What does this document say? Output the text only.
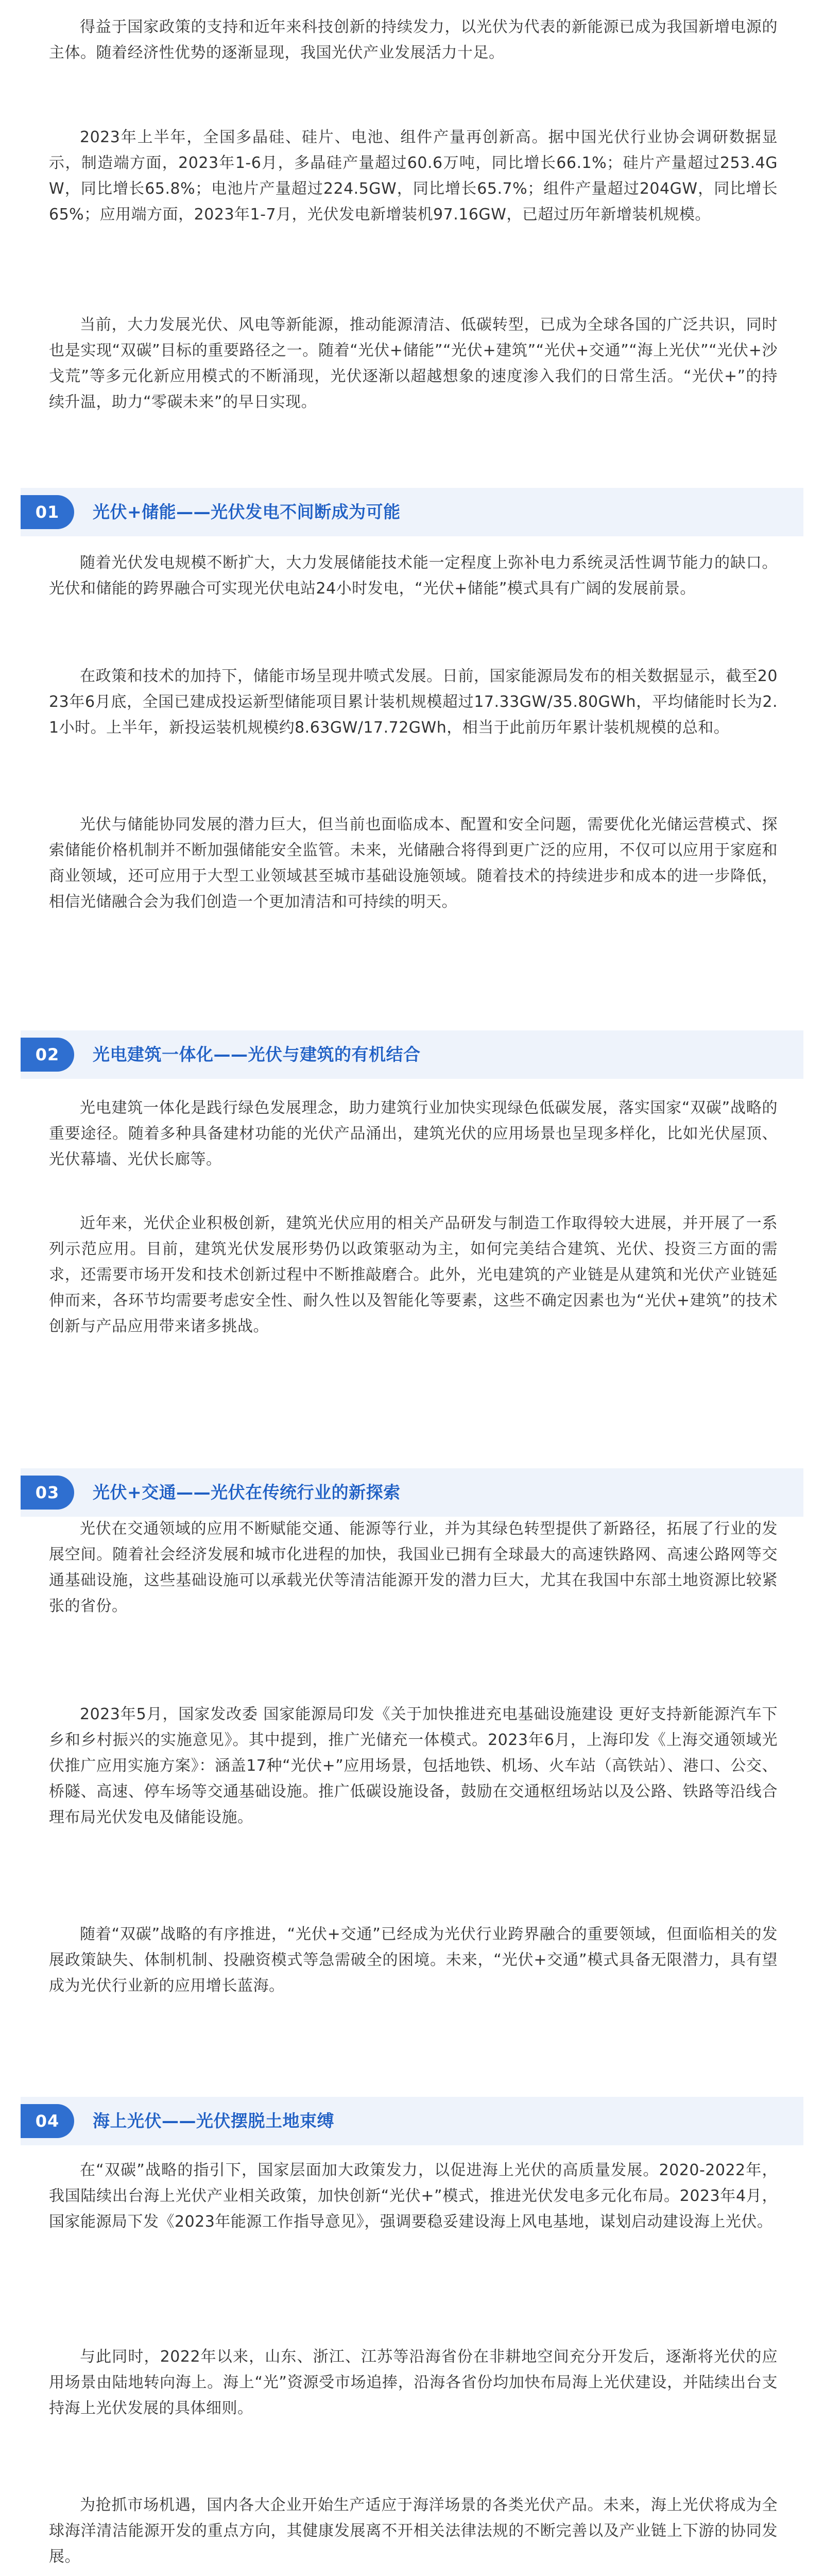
得益于国家政策的支持和近年来科技创新的持续发力，以光伏为代表的新能源已成为我国新增电源的主体。随着经济性优势的逐渐显现，我国光伏产业发展活力十足。

2023年上半年，全国多晶硅、硅片、电池、组件产量再创新高。据中国光伏行业协会调研数据显示，制造端方面，2023年1-6月，多晶硅产量超过60.6万吨，同比增长66.1%；硅片产量超过253.4GW，同比增长65.8%；电池片产量超过224.5GW，同比增长65.7%；组件产量超过204GW，同比增长65%；应用端方面，2023年1-7月，光伏发电新增装机97.16GW，已超过历年新增装机规模。

当前，大力发展光伏、风电等新能源，推动能源清洁、低碳转型，已成为全球各国的广泛共识，同时也是实现“双碳”目标的重要路径之一。随着“光伏+储能”“光伏+建筑”“光伏+交通”“海上光伏”“光伏+沙戈荒”等多元化新应用模式的不断涌现，光伏逐渐以超越想象的速度渗入我们的日常生活。“光伏+”的持续升温，助力“零碳未来”的早日实现。

01	光伏+储能——光伏发电不间断成为可能

随着光伏发电规模不断扩大，大力发展储能技术能一定程度上弥补电力系统灵活性调节能力的缺口。光伏和储能的跨界融合可实现光伏电站24小时发电，“光伏+储能”模式具有广阔的发展前景。

在政策和技术的加持下，储能市场呈现井喷式发展。日前，国家能源局发布的相关数据显示，截至2023年6月底，全国已建成投运新型储能项目累计装机规模超过17.33GW/35.80GWh，平均储能时长为2.1小时。上半年，新投运装机规模约8.63GW/17.72GWh，相当于此前历年累计装机规模的总和。

光伏与储能协同发展的潜力巨大，但当前也面临成本、配置和安全问题，需要优化光储运营模式、探索储能价格机制并不断加强储能安全监管。未来，光储融合将得到更广泛的应用，不仅可以应用于家庭和商业领域，还可应用于大型工业领域甚至城市基础设施领域。随着技术的持续进步和成本的进一步降低，相信光储融合会为我们创造一个更加清洁和可持续的明天。

02	光电建筑一体化——光伏与建筑的有机结合

光电建筑一体化是践行绿色发展理念，助力建筑行业加快实现绿色低碳发展，落实国家“双碳”战略的重要途径。随着多种具备建材功能的光伏产品涌出，建筑光伏的应用场景也呈现多样化，比如光伏屋顶、光伏幕墙、光伏长廊等。

近年来，光伏企业积极创新，建筑光伏应用的相关产品研发与制造工作取得较大进展，并开展了一系列示范应用。目前，建筑光伏发展形势仍以政策驱动为主，如何完美结合建筑、光伏、投资三方面的需求，还需要市场开发和技术创新过程中不断推敲磨合。此外，光电建筑的产业链是从建筑和光伏产业链延伸而来，各环节均需要考虑安全性、耐久性以及智能化等要素，这些不确定因素也为“光伏+建筑”的技术创新与产品应用带来诸多挑战。

03	光伏+交通——光伏在传统行业的新探索

光伏在交通领域的应用不断赋能交通、能源等行业，并为其绿色转型提供了新路径，拓展了行业的发展空间。随着社会经济发展和城市化进程的加快，我国业已拥有全球最大的高速铁路网、高速公路网等交通基础设施，这些基础设施可以承载光伏等清洁能源开发的潜力巨大，尤其在我国中东部土地资源比较紧张的省份。

2023年5月，国家发改委 国家能源局印发《关于加快推进充电基础设施建设 更好支持新能源汽车下乡和乡村振兴的实施意见》。其中提到，推广光储充一体模式。2023年6月，上海印发《上海交通领域光伏推广应用实施方案》：涵盖17种“光伏+”应用场景，包括地铁、机场、火车站（高铁站）、港口、公交、桥隧、高速、停车场等交通基础设施。推广低碳设施设备，鼓励在交通枢纽场站以及公路、铁路等沿线合理布局光伏发电及储能设施。

随着“双碳”战略的有序推进，“光伏+交通”已经成为光伏行业跨界融合的重要领域，但面临相关的发展政策缺失、体制机制、投融资模式等急需破全的困境。未来，“光伏+交通”模式具备无限潜力，具有望成为光伏行业新的应用增长蓝海。

04	海上光伏——光伏摆脱土地束缚

在“双碳”战略的指引下，国家层面加大政策发力，以促进海上光伏的高质量发展。2020-2022年，我国陆续出台海上光伏产业相关政策，加快创新“光伏+”模式，推进光伏发电多元化布局。2023年4月，国家能源局下发《2023年能源工作指导意见》，强调要稳妥建设海上风电基地，谋划启动建设海上光伏。

与此同时，2022年以来，山东、浙江、江苏等沿海省份在非耕地空间充分开发后，逐渐将光伏的应用场景由陆地转向海上。海上“光”资源受市场追捧，沿海各省份均加快布局海上光伏建设，并陆续出台支持海上光伏发展的具体细则。

为抢抓市场机遇，国内各大企业开始生产适应于海洋场景的各类光伏产品。未来，海上光伏将成为全球海洋清洁能源开发的重点方向，其健康发展离不开相关法律法规的不断完善以及产业链上下游的协同发展。
